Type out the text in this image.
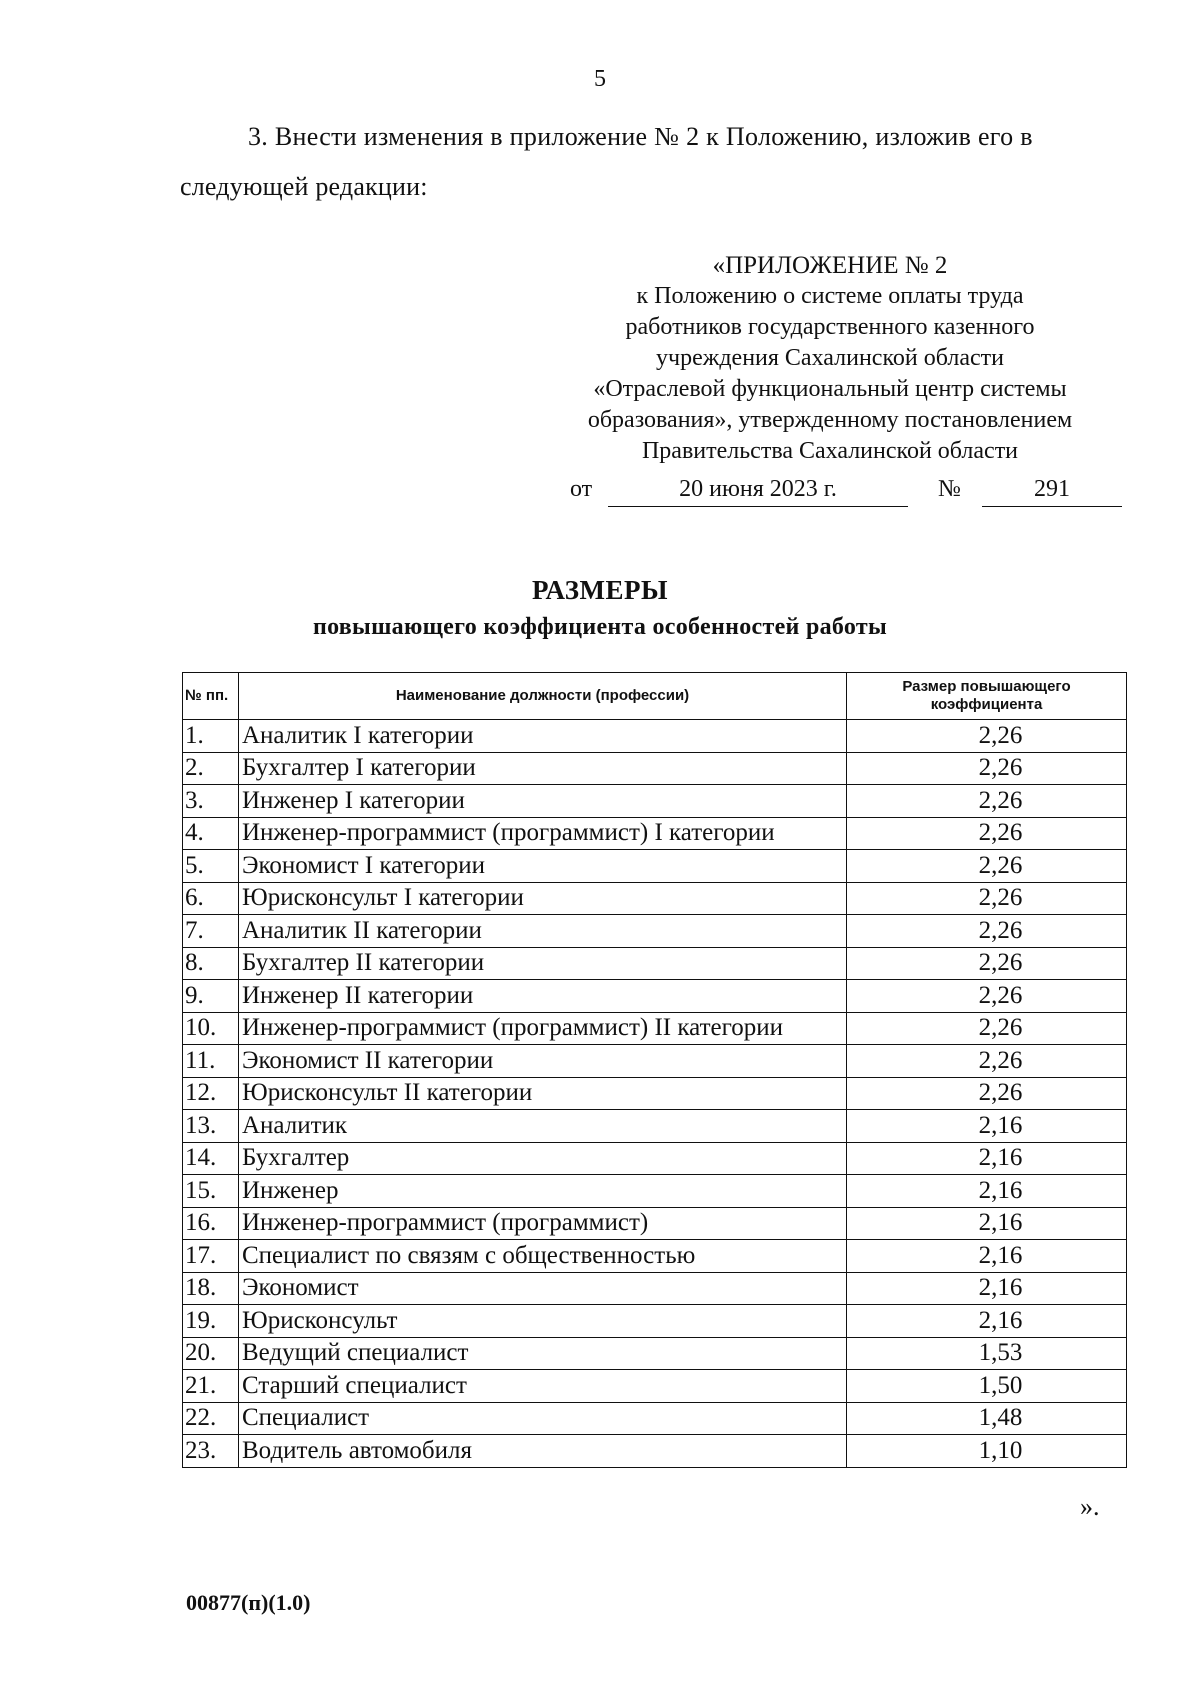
5
3. Внести изменения в приложение № 2 к Положению, изложив его в
следующей редакции:
«ПРИЛОЖЕНИЕ № 2
к Положению о системе оплаты труда
работников государственного казенного
учреждения Сахалинской области
«Отраслевой функциональный центр системы
образования», утвержденному постановлением
Правительства Сахалинской области
от	20 июня 2023 г.	№	291
РАЗМЕРЫ
повышающего коэффициента особенностей работы
№ пп.	Наименование должности (профессии)	Размер повышающего коэффициента
1.	Аналитик I категории	2,26
2.	Бухгалтер I категории	2,26
3.	Инженер I категории	2,26
4.	Инженер-программист (программист) I категории	2,26
5.	Экономист I категории	2,26
6.	Юрисконсульт I категории	2,26
7.	Аналитик II категории	2,26
8.	Бухгалтер II категории	2,26
9.	Инженер II категории	2,26
10.	Инженер-программист (программист) II категории	2,26
11.	Экономист II категории	2,26
12.	Юрисконсульт II категории	2,26
13.	Аналитик	2,16
14.	Бухгалтер	2,16
15.	Инженер	2,16
16.	Инженер-программист (программист)	2,16
17.	Специалист по связям с общественностью	2,16
18.	Экономист	2,16
19.	Юрисконсульт	2,16
20.	Ведущий специалист	1,53
21.	Старший специалист	1,50
22.	Специалист	1,48
23.	Водитель автомобиля	1,10
».
00877(п)(1.0)
